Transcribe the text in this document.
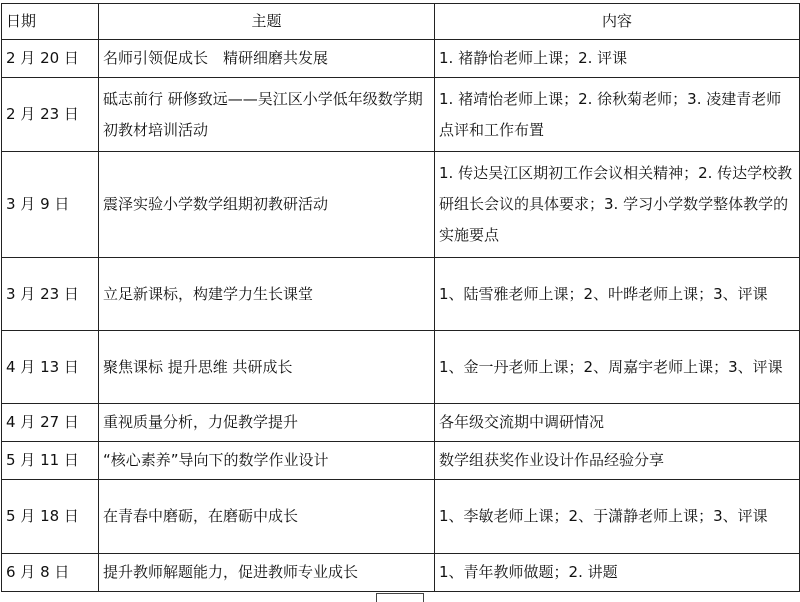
日期	主题	内容
2 月 20 日	名师引领促成长　精研细磨共发展	1. 褚静怡老师上课；2. 评课
2 月 23 日	砥志前行 研修致远——吴江区小学低年级数学期初教材培训活动	1. 褚靖怡老师上课；2. 徐秋菊老师；3. 凌建青老师点评和工作布置
3 月 9 日	震泽实验小学数学组期初教研活动	1. 传达吴江区期初工作会议相关精神；2. 传达学校教研组长会议的具体要求；3. 学习小学数学整体教学的实施要点
3 月 23 日	立足新课标，构建学力生长课堂	1、陆雪雅老师上课；2、叶晔老师上课；3、评课
4 月 13 日	聚焦课标 提升思维 共研成长	1、金一丹老师上课；2、周嘉宇老师上课；3、评课
4 月 27 日	重视质量分析，力促教学提升	各年级交流期中调研情况
5 月 11 日	“核心素养”导向下的数学作业设计	数学组获奖作业设计作品经验分享
5 月 18 日	在青春中磨砺，在磨砺中成长	1、李敏老师上课；2、于潇静老师上课；3、评课
6 月 8 日	提升教师解题能力，促进教师专业成长	1、青年教师做题；2. 讲题
